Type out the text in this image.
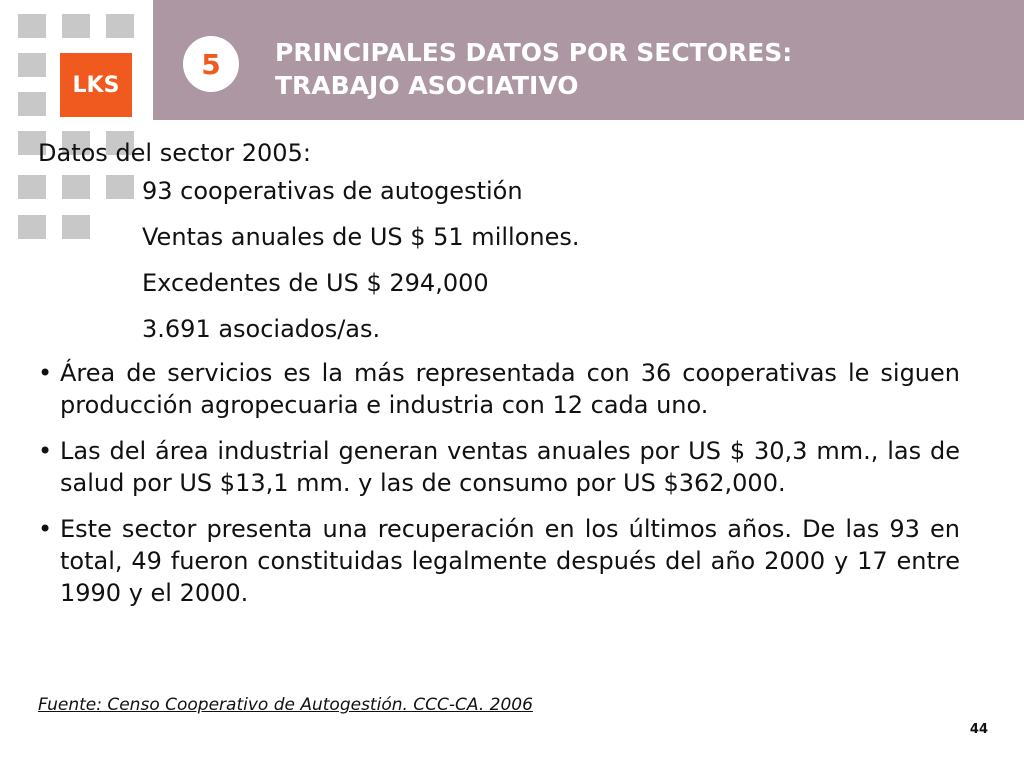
LKS
5 PRINCIPALES DATOS POR SECTORES:
TRABAJO ASOCIATIVO
Datos del sector 2005:
93 cooperativas de autogestión
Ventas anuales de US $ 51 millones.
Excedentes de US $ 294,000
3.691 asociados/as.
• Área de servicios es la más representada con 36 cooperativas le siguen producción agropecuaria e industria con 12 cada uno.
• Las del área industrial generan ventas anuales por US $ 30,3 mm., las de salud por US $13,1 mm. y las de consumo por US $362,000.
• Este sector presenta una recuperación en los últimos años. De las 93 en total, 49 fueron constituidas legalmente después del año 2000 y 17 entre 1990 y el 2000.
Fuente: Censo Cooperativo de Autogestión. CCC-CA. 2006
44
